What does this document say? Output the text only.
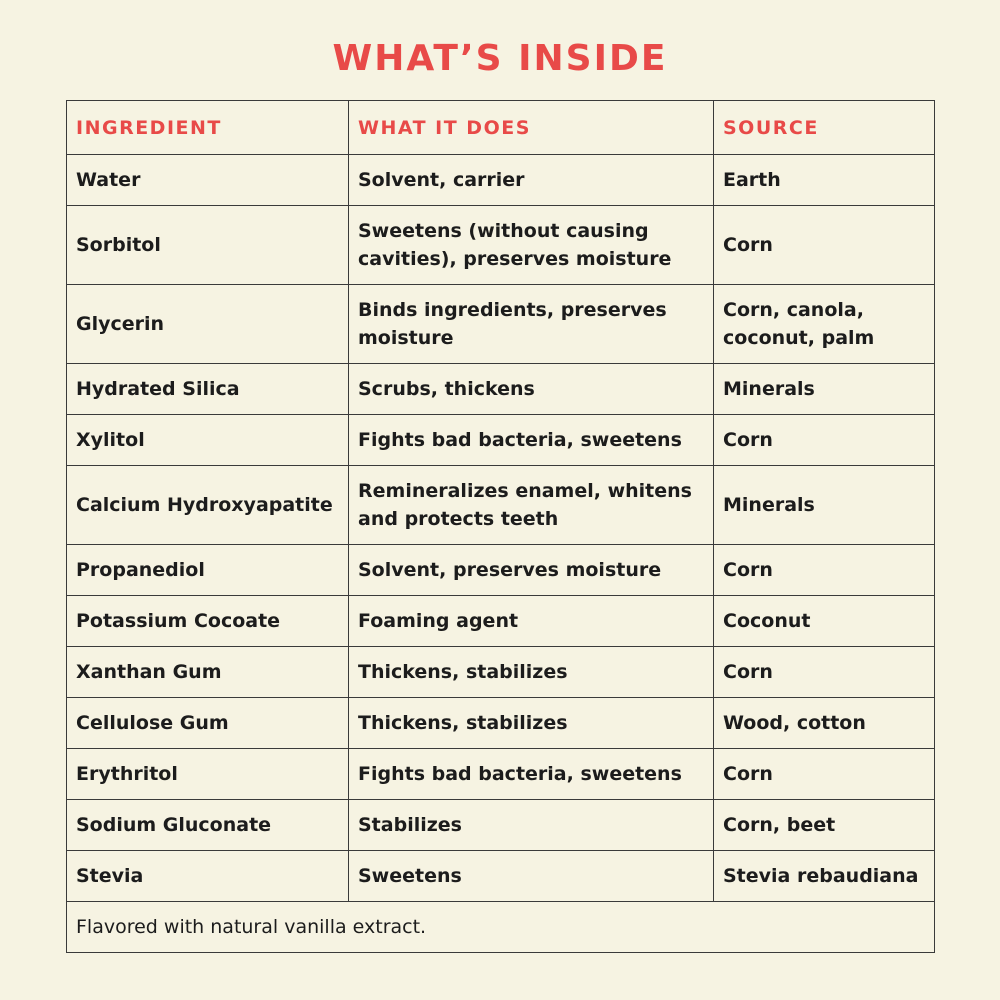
WHAT’S INSIDE
INGREDIENT	WHAT IT DOES	SOURCE
Water	Solvent, carrier	Earth
Sorbitol	Sweetens (without causing cavities), preserves moisture	Corn
Glycerin	Binds ingredients, preserves moisture	Corn, canola, coconut, palm
Hydrated Silica	Scrubs, thickens	Minerals
Xylitol	Fights bad bacteria, sweetens	Corn
Calcium Hydroxyapatite	Remineralizes enamel, whitens and protects teeth	Minerals
Propanediol	Solvent, preserves moisture	Corn
Potassium Cocoate	Foaming agent	Coconut
Xanthan Gum	Thickens, stabilizes	Corn
Cellulose Gum	Thickens, stabilizes	Wood, cotton
Erythritol	Fights bad bacteria, sweetens	Corn
Sodium Gluconate	Stabilizes	Corn, beet
Stevia	Sweetens	Stevia rebaudiana
Flavored with natural vanilla extract.		
